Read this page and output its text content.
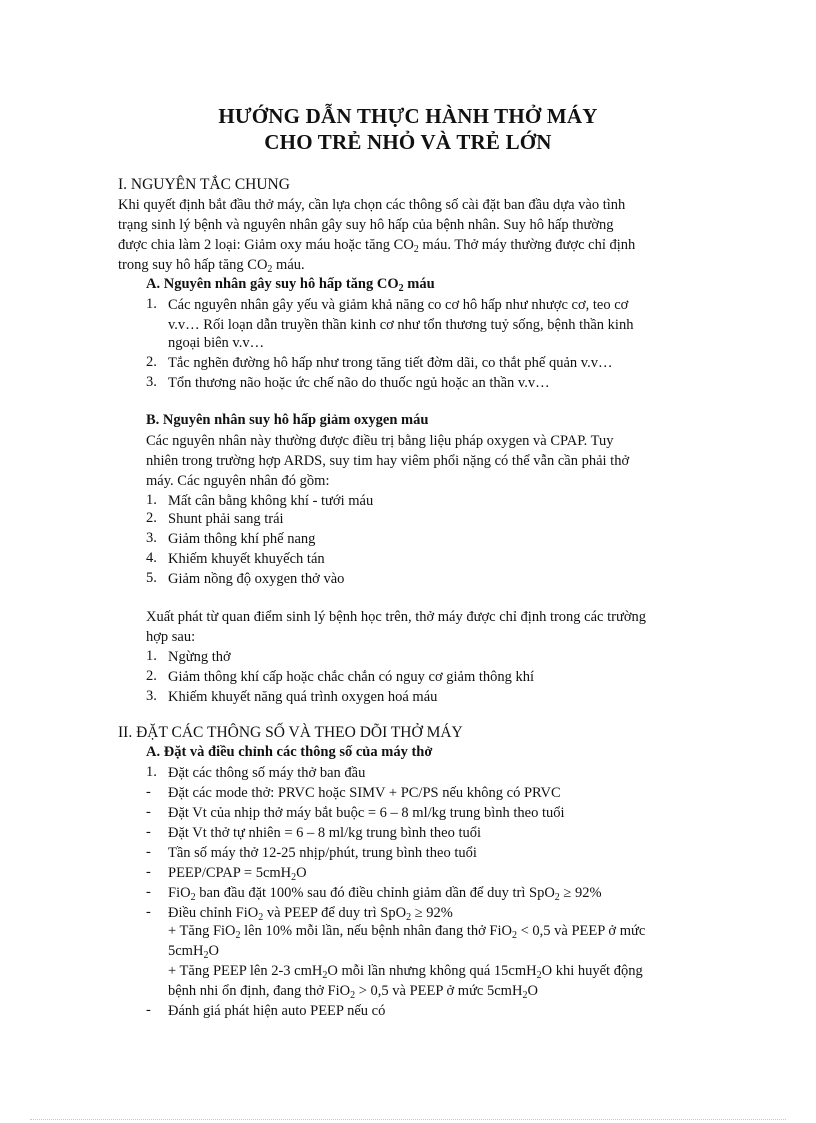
HƯỚNG DẪN THỰC HÀNH THỞ MÁY
CHO TRẺ NHỎ VÀ TRẺ LỚN
I. NGUYÊN TẮC CHUNG
Khi quyết định bắt đầu thở máy, cần lựa chọn các thông số cài đặt ban đầu dựa vào tình
trạng sinh lý bệnh và nguyên nhân gây suy hô hấp của bệnh nhân. Suy hô hấp thường
được chia làm 2 loại: Giảm oxy máu hoặc tăng $CO_2$ máu. Thở máy thường được chỉ định
trong suy hô hấp tăng $CO_2$ máu.
A. Nguyên nhân gây suy hô hấp tăng $CO_2$ máu
1. Các nguyên nhân gây yếu và giảm khả năng co cơ hô hấp như nhược cơ, teo cơ
v.v… Rối loạn dẫn truyền thần kinh cơ như tổn thương tuỷ sống, bệnh thần kinh
ngoại biên v.v…
2. Tắc nghẽn đường hô hấp như trong tăng tiết đờm dãi, co thắt phế quản v.v…
3. Tổn thương não hoặc ức chế não do thuốc ngủ hoặc an thần v.v…
B. Nguyên nhân suy hô hấp giảm oxygen máu
Các nguyên nhân này thường được điều trị bằng liệu pháp oxygen và CPAP. Tuy
nhiên trong trường hợp ARDS, suy tim hay viêm phổi nặng có thể vẫn cần phải thở
máy. Các nguyên nhân đó gồm:
1. Mất cân bằng không khí - tưới máu
2. Shunt phải sang trái
3. Giảm thông khí phế nang
4. Khiếm khuyết khuyếch tán
5. Giảm nồng độ oxygen thở vào
Xuất phát từ quan điểm sinh lý bệnh học trên, thở máy được chỉ định trong các trường
hợp sau:
1. Ngừng thở
2. Giảm thông khí cấp hoặc chắc chắn có nguy cơ giảm thông khí
3. Khiếm khuyết năng quá trình oxygen hoá máu
II. ĐẶT CÁC THÔNG SỐ VÀ THEO DÕI THỞ MÁY
A. Đặt và điều chỉnh các thông số của máy thở
1. Đặt các thông số máy thở ban đầu
- Đặt các mode thở: PRVC hoặc SIMV + PC/PS nếu không có PRVC
- Đặt Vt của nhịp thở máy bắt buộc = 6 – 8 ml/kg trung bình theo tuổi
- Đặt Vt thở tự nhiên = 6 – 8 ml/kg trung bình theo tuổi
- Tần số máy thở 12-25 nhịp/phút, trung bình theo tuổi
- PEEP/CPAP = 5cmH$_2$O
- FiO$_2$ ban đầu đặt 100% sau đó điều chỉnh giảm dần để duy trì SpO$_2$ ≥ 92%
- Điều chỉnh FiO$_2$ và PEEP để duy trì SpO$_2$ ≥ 92%
+ Tăng FiO$_2$ lên 10% mỗi lần, nếu bệnh nhân đang thở FiO$_2$ < 0,5 và PEEP ở mức
5cmH$_2$O
+ Tăng PEEP lên 2-3 cmH$_2$O mỗi lần nhưng không quá 15cmH$_2$O khi huyết động
bệnh nhi ổn định, đang thở FiO$_2$ > 0,5 và PEEP ở mức 5cmH$_2$O
- Đánh giá phát hiện auto PEEP nếu có
